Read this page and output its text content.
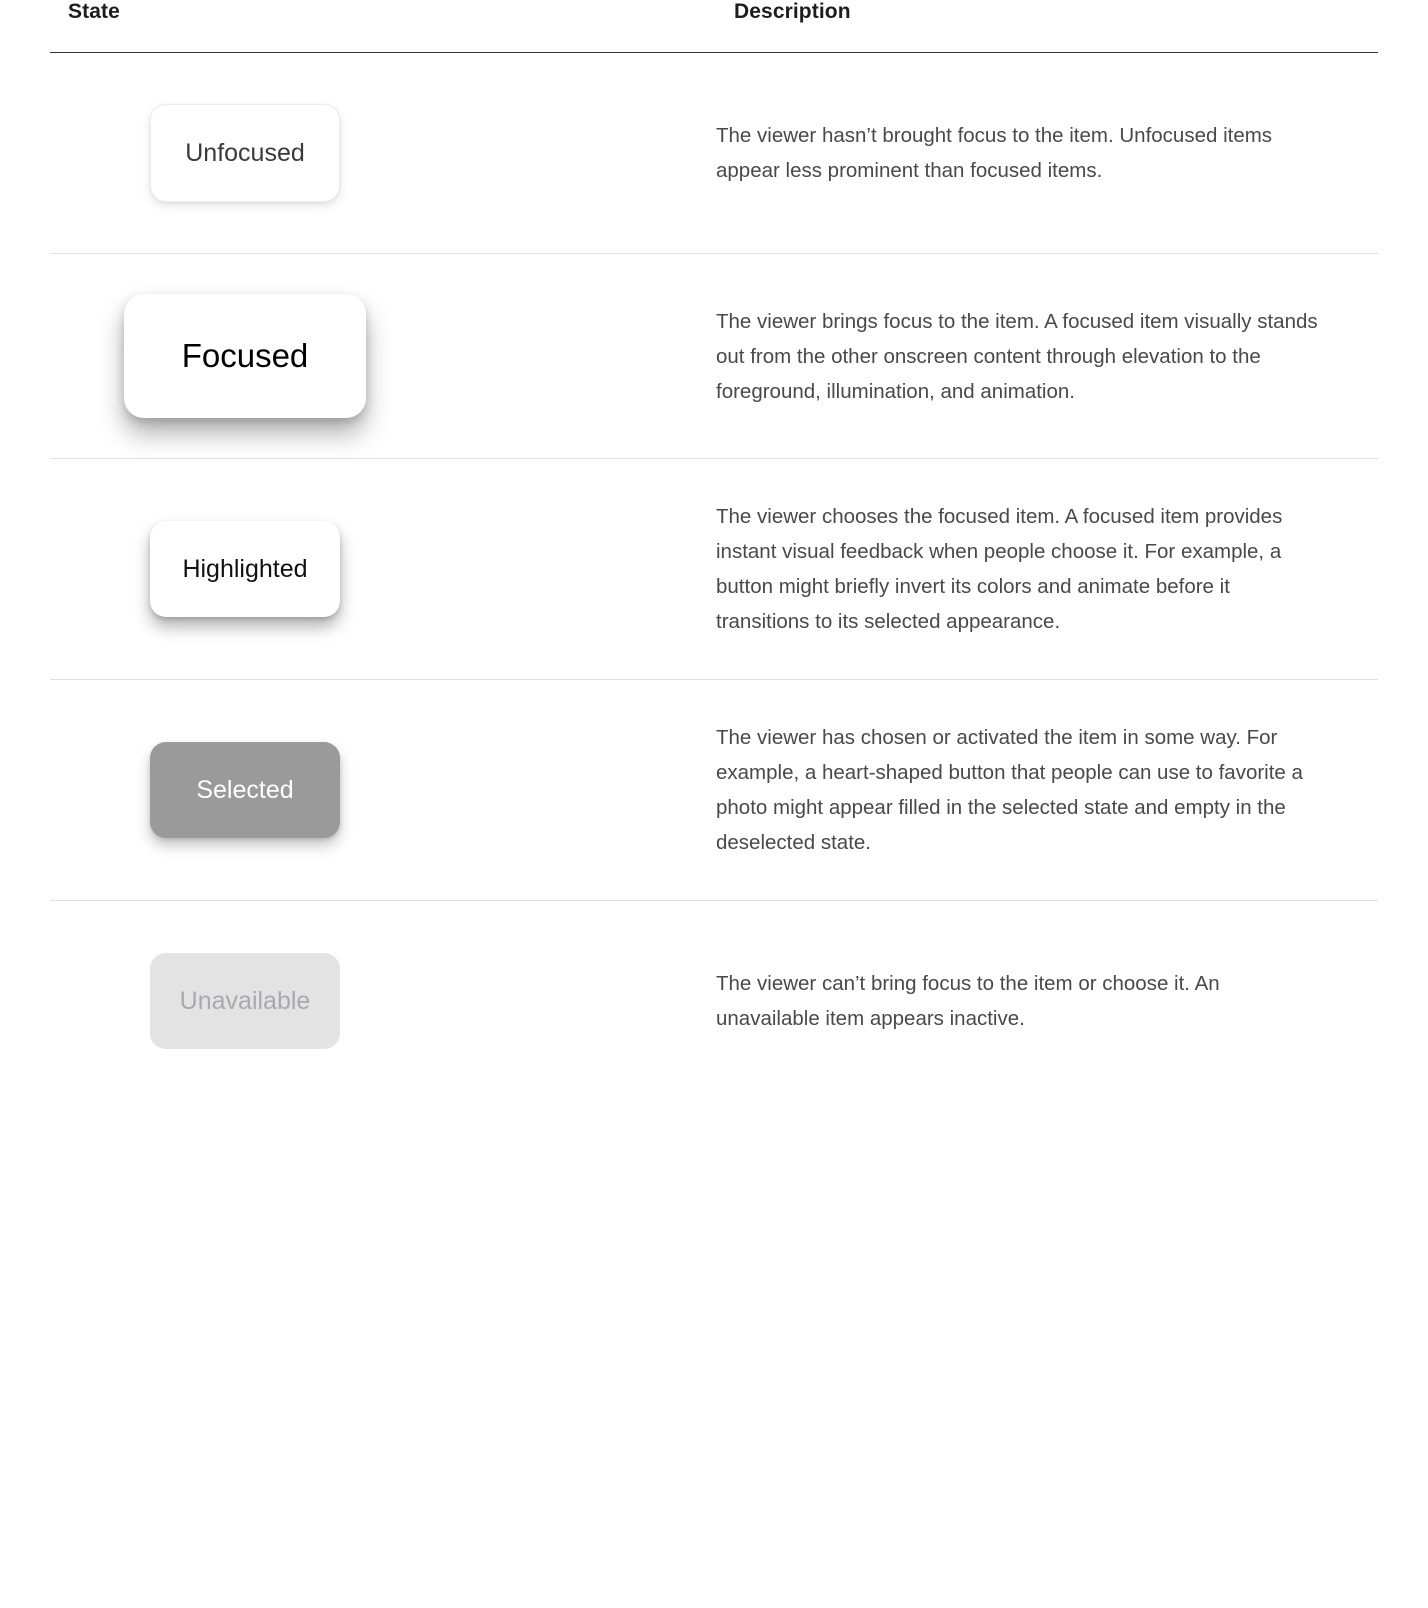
State	Description

Unfocused	The viewer hasn’t brought focus to the item. Unfocused items appear less prominent than focused items.

Focused	The viewer brings focus to the item. A focused item visually stands out from the other onscreen content through elevation to the foreground, illumination, and animation.

Highlighted	The viewer chooses the focused item. A focused item provides instant visual feedback when people choose it. For example, a button might briefly invert its colors and animate before it transitions to its selected appearance.

Selected	The viewer has chosen or activated the item in some way. For example, a heart-shaped button that people can use to favorite a photo might appear filled in the selected state and empty in the deselected state.

Unavailable	The viewer can’t bring focus to the item or choose it. An unavailable item appears inactive.
